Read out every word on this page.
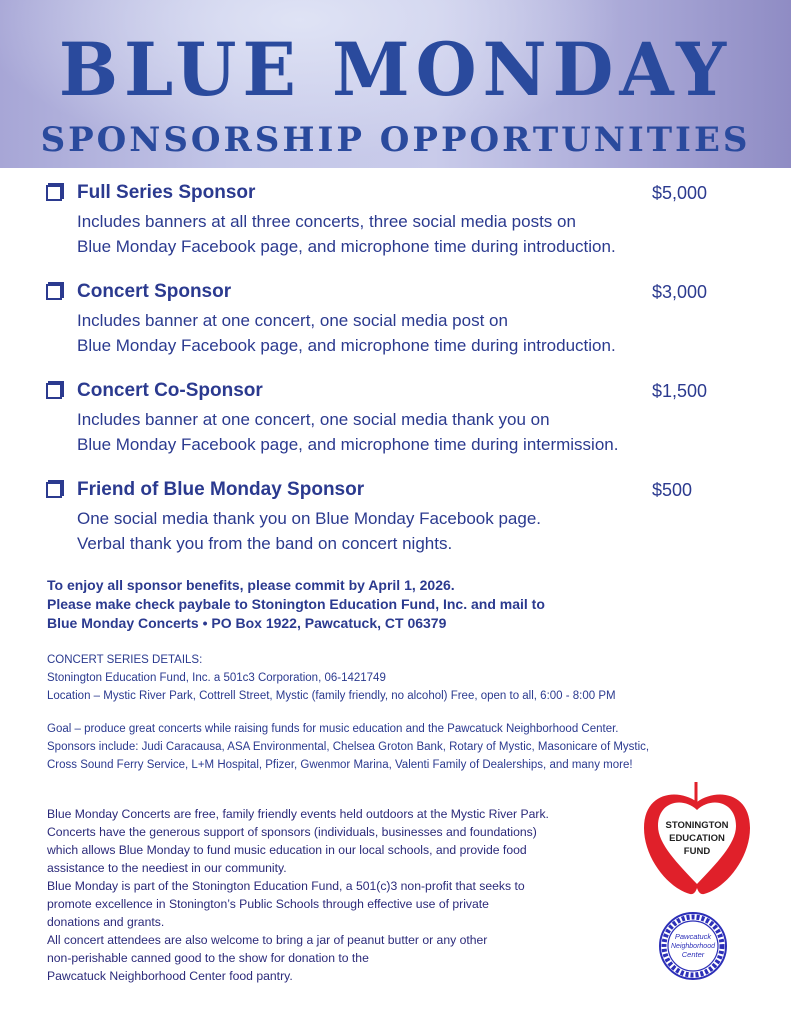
BLUE MONDAY
SPONSORSHIP OPPORTUNITIES
Full Series Sponsor	$5,000
Includes banners at all three concerts, three social media posts on
Blue Monday Facebook page, and microphone time during introduction.
Concert Sponsor	$3,000
Includes banner at one concert, one social media post on
Blue Monday Facebook page, and microphone time during introduction.
Concert Co-Sponsor	$1,500
Includes banner at one concert, one social media thank you on
Blue Monday Facebook page, and microphone time during intermission.
Friend of Blue Monday Sponsor	$500
One social media thank you on Blue Monday Facebook page.
Verbal thank you from the band on concert nights.
To enjoy all sponsor benefits, please commit by April 1, 2026.
Please make check paybale to Stonington Education Fund, Inc. and mail to
Blue Monday Concerts • PO Box 1922, Pawcatuck, CT 06379
CONCERT SERIES DETAILS:
Stonington Education Fund, Inc. a 501c3 Corporation, 06-1421749
Location – Mystic River Park, Cottrell Street, Mystic (family friendly, no alcohol) Free, open to all, 6:00 - 8:00 PM
Goal – produce great concerts while raising funds for music education and the Pawcatuck Neighborhood Center.
Sponsors include: Judi Caracausa, ASA Environmental, Chelsea Groton Bank, Rotary of Mystic, Masonicare of Mystic,
Cross Sound Ferry Service, L+M Hospital, Pfizer, Gwenmor Marina, Valenti Family of Dealerships, and many more!
Blue Monday Concerts are free, family friendly events held outdoors at the Mystic River Park.
Concerts have the generous support of sponsors (individuals, businesses and foundations)
which allows Blue Monday to fund music education in our local schools, and provide food
assistance to the neediest in our community.
Blue Monday is part of the Stonington Education Fund, a 501(c)3 non-profit that seeks to
promote excellence in Stonington’s Public Schools through effective use of private
donations and grants.
All concert attendees are also welcome to bring a jar of peanut butter or any other
non-perishable canned good to the show for donation to the
Pawcatuck Neighborhood Center food pantry.
STONINGTON
EDUCATION
FUND
Pawcatuck
Neighborhood
Center
